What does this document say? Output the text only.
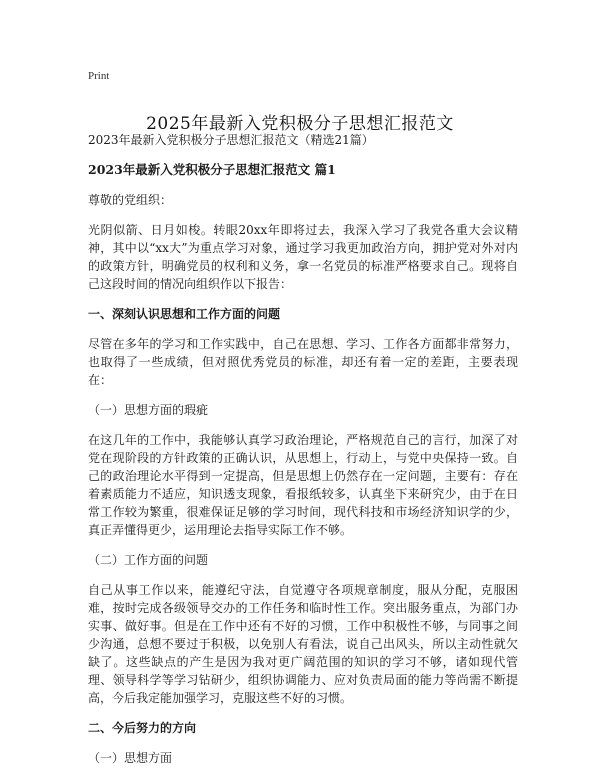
Print
2025年最新入党积极分子思想汇报范文

2023年最新入党积极分子思想汇报范文（精选21篇）

2023年最新入党积极分子思想汇报范文 篇1

尊敬的党组织：

光阴似箭、日月如梭。转眼20xx年即将过去，我深入学习了我党各重大会议精神，其中以“xx大”为重点学习对象，通过学习我更加政治方向，拥护党对外对内的政策方针，明确党员的权利和义务，拿一名党员的标准严格要求自己。现将自己这段时间的情况向组织作以下报告：

一、深刻认识思想和工作方面的问题

尽管在多年的学习和工作实践中，自己在思想、学习、工作各方面都非常努力，也取得了一些成绩，但对照优秀党员的标准，却还有着一定的差距，主要表现在：

（一）思想方面的瑕疵

在这几年的工作中，我能够认真学习政治理论，严格规范自己的言行，加深了对党在现阶段的方针政策的正确认识，从思想上，行动上，与党中央保持一致。自己的政治理论水平得到一定提高，但是思想上仍然存在一定问题，主要有：存在着素质能力不适应，知识透支现象，看报纸较多，认真坐下来研究少，由于在日常工作较为繁重，很难保证足够的学习时间，现代科技和市场经济知识学的少，真正弄懂得更少，运用理论去指导实际工作不够。

（二）工作方面的问题

自己从事工作以来，能遵纪守法，自觉遵守各项规章制度，服从分配，克服困难，按时完成各级领导交办的工作任务和临时性工作。突出服务重点，为部门办实事、做好事。但是在工作中还有不好的习惯，工作中积极性不够，与同事之间少沟通，总想不要过于积极，以免别人有看法，说自己出风头，所以主动性就欠缺了。这些缺点的产生是因为我对更广阔范围的知识的学习不够，诸如现代管理、领导科学等学习钻研少，组织协调能力、应对负责局面的能力等尚需不断提高，今后我定能加强学习，克服这些不好的习惯。

二、今后努力的方向

（一）思想方面
